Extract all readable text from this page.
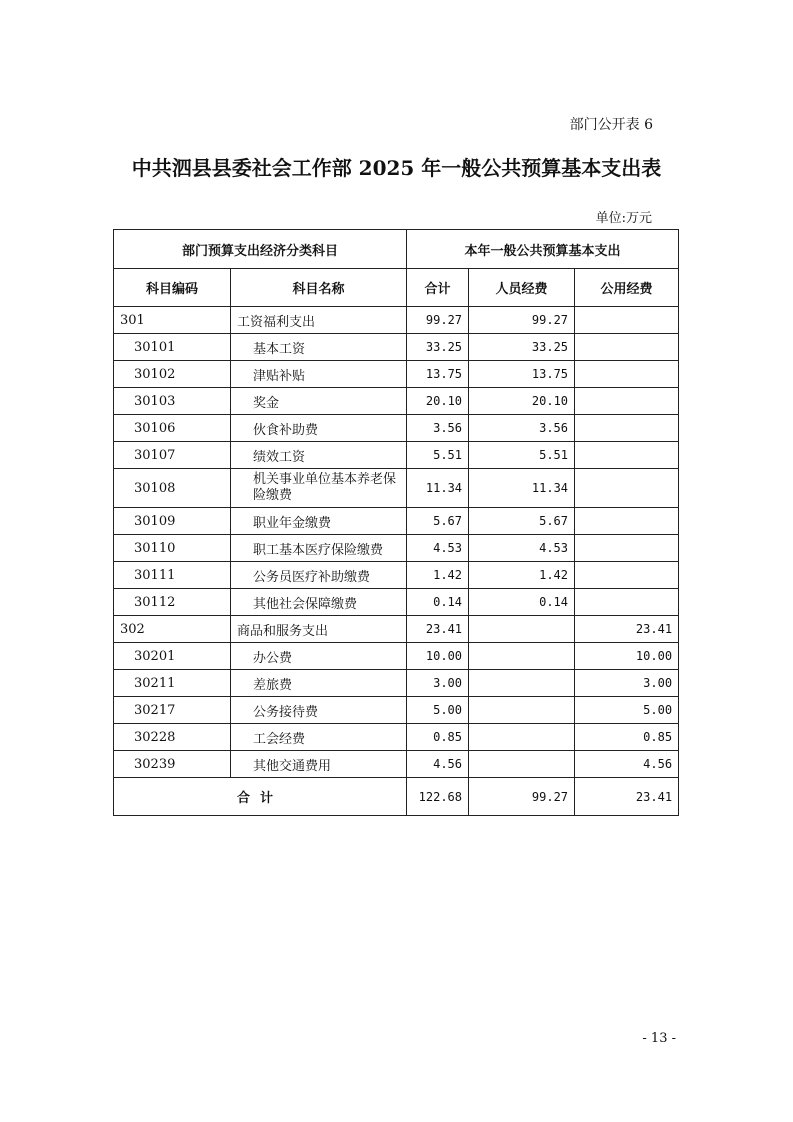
部门公开表 6
中共泗县县委社会工作部 2025 年一般公共预算基本支出表
单位:万元
部门预算支出经济分类科目		本年一般公共预算基本支出		
科目编码	科目名称	合计	人员经费	公用经费
301	工资福利支出	99.27	99.27	
30101	基本工资	33.25	33.25	
30102	津贴补贴	13.75	13.75	
30103	奖金	20.10	20.10	
30106	伙食补助费	3.56	3.56	
30107	绩效工资	5.51	5.51	
30108	机关事业单位基本养老保险缴费	11.34	11.34	
30109	职业年金缴费	5.67	5.67	
30110	职工基本医疗保险缴费	4.53	4.53	
30111	公务员医疗补助缴费	1.42	1.42	
30112	其他社会保障缴费	0.14	0.14	
302	商品和服务支出	23.41		23.41
30201	办公费	10.00		10.00
30211	差旅费	3.00		3.00
30217	公务接待费	5.00		5.00
30228	工会经费	0.85		0.85
30239	其他交通费用	4.56		4.56
合计		122.68	99.27	23.41
- 13 -
